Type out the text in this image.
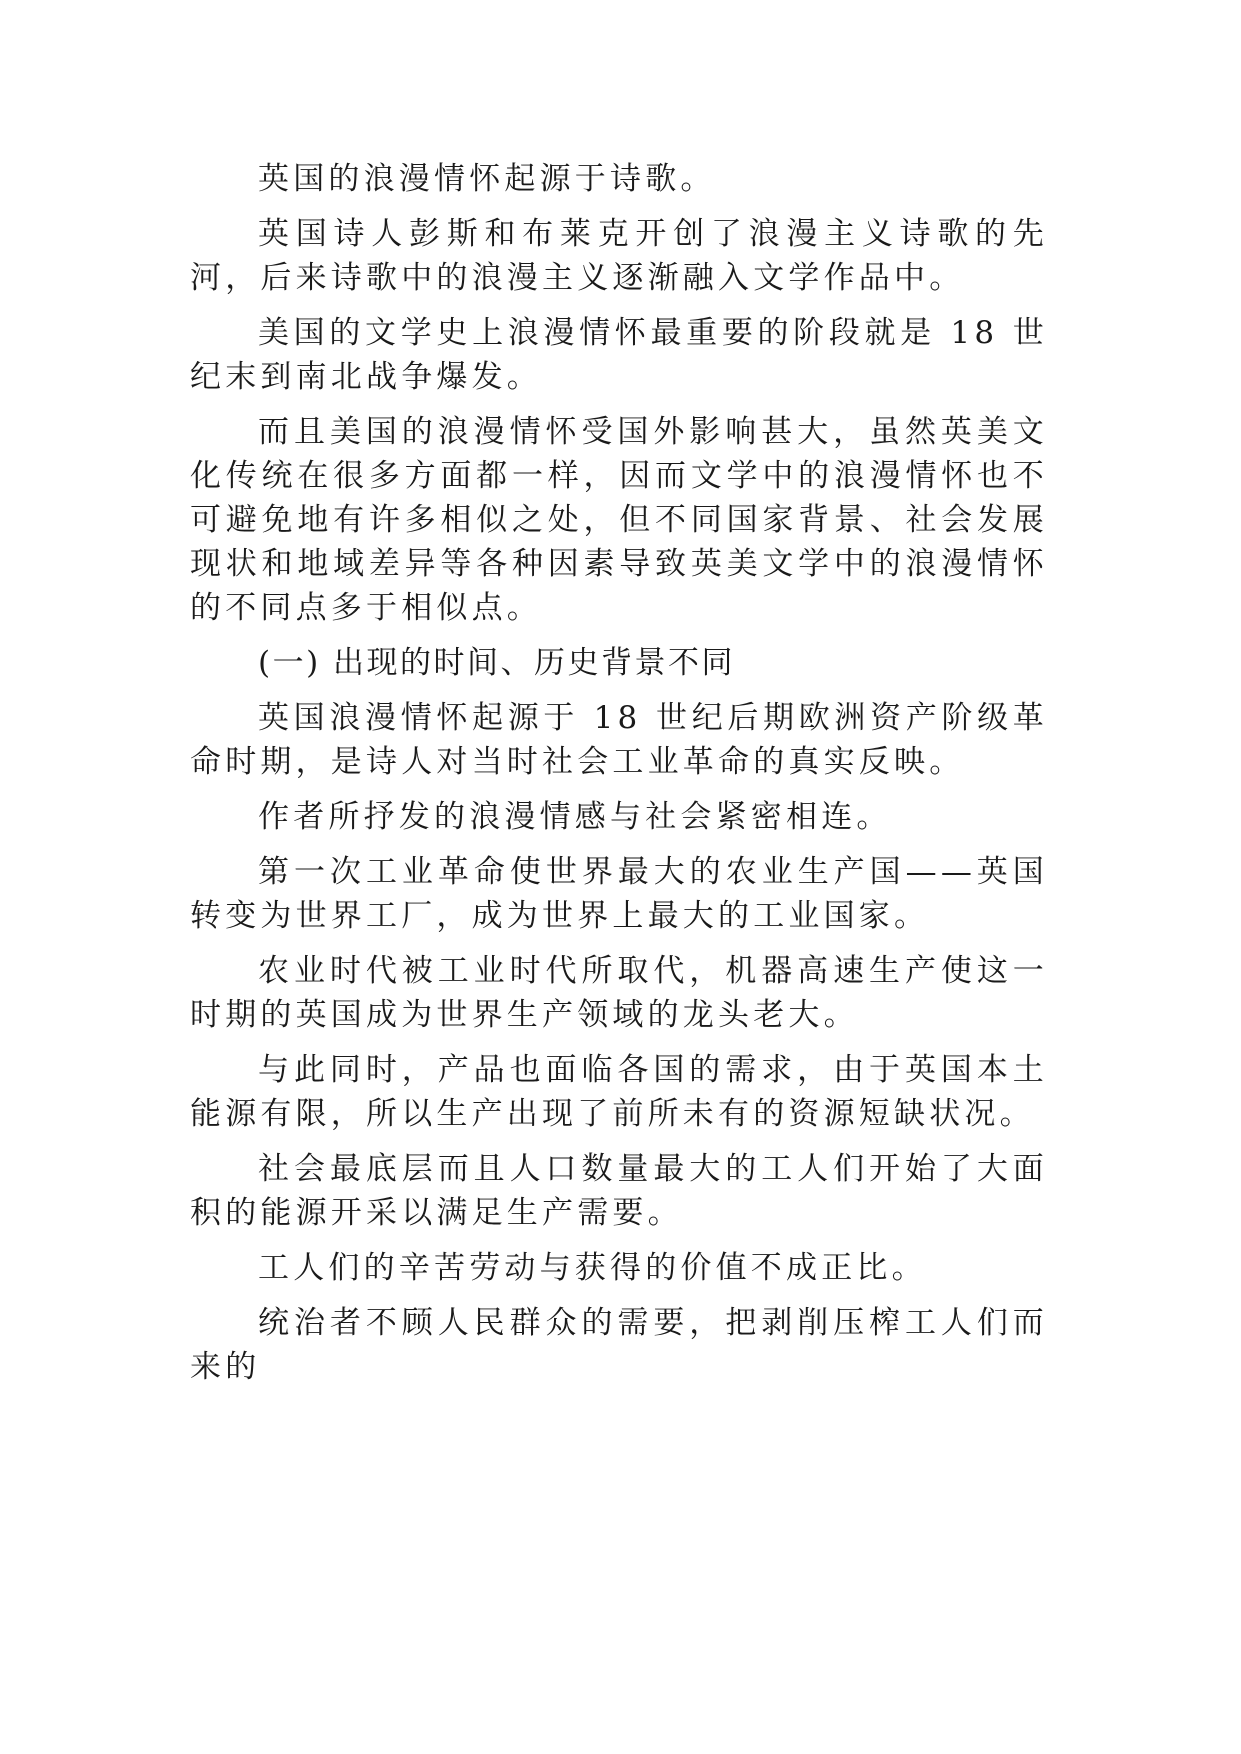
英国的浪漫情怀起源于诗歌。

英国诗人彭斯和布莱克开创了浪漫主义诗歌的先河，后来诗歌中的浪漫主义逐渐融入文学作品中。

美国的文学史上浪漫情怀最重要的阶段就是 18 世纪末到南北战争爆发。

而且美国的浪漫情怀受国外影响甚大，虽然英美文化传统在很多方面都一样，因而文学中的浪漫情怀也不可避免地有许多相似之处，但不同国家背景、社会发展现状和地域差异等各种因素导致英美文学中的浪漫情怀的不同点多于相似点。

(一) 出现的时间、历史背景不同

英国浪漫情怀起源于 18 世纪后期欧洲资产阶级革命时期，是诗人对当时社会工业革命的真实反映。

作者所抒发的浪漫情感与社会紧密相连。

第一次工业革命使世界最大的农业生产国——英国转变为世界工厂，成为世界上最大的工业国家。

农业时代被工业时代所取代，机器高速生产使这一时期的英国成为世界生产领域的龙头老大。

与此同时，产品也面临各国的需求，由于英国本土能源有限，所以生产出现了前所未有的资源短缺状况。

社会最底层而且人口数量最大的工人们开始了大面积的能源开采以满足生产需要。

工人们的辛苦劳动与获得的价值不成正比。

统治者不顾人民群众的需要，把剥削压榨工人们而来的
